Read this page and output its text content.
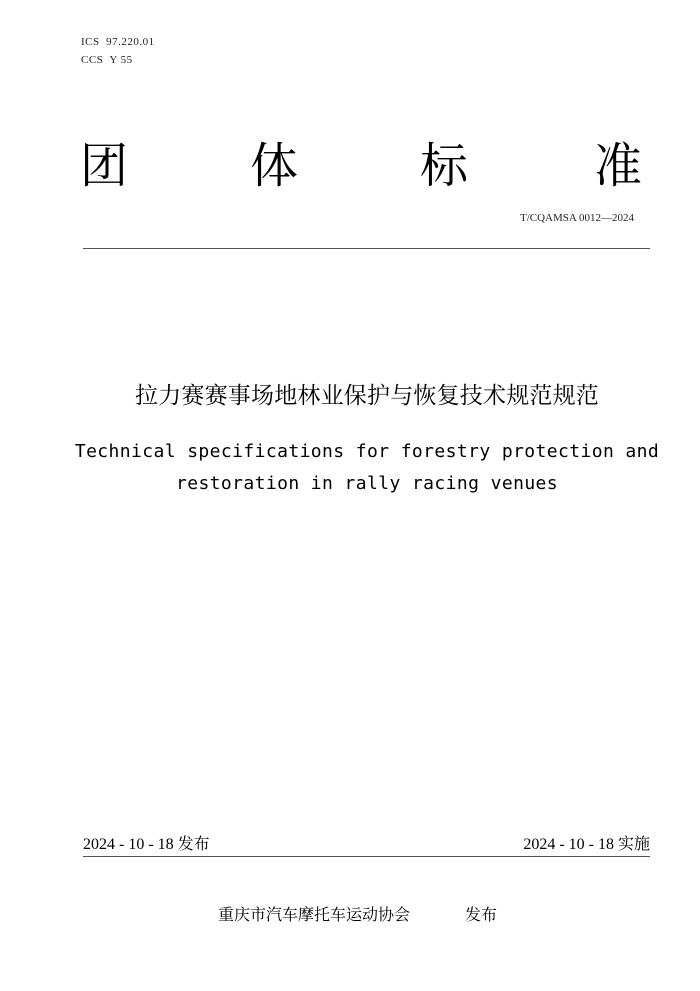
ICS  97.220.01
CCS  Y 55
团	体	标	准
T/CQAMSA 0012—2024
拉力赛赛事场地林业保护与恢复技术规范规范
Technical specifications for forestry protection and restoration in rally racing venues
2024 - 10 - 18 发布	2024 - 10 - 18 实施
重庆市汽车摩托车运动协会	发布
